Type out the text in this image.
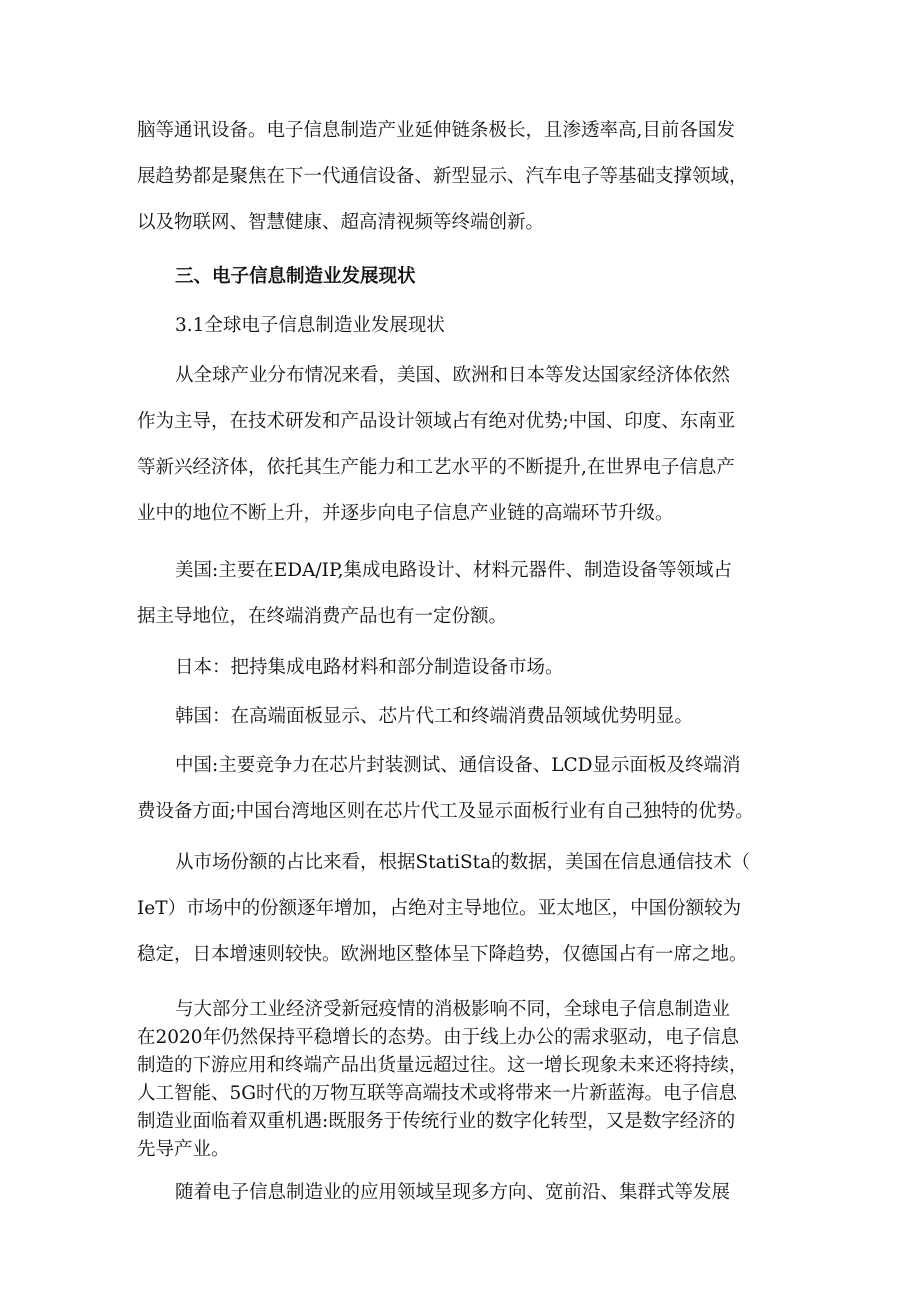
脑等通讯设备。电子信息制造产业延伸链条极长，且渗透率高,目前各国发
展趋势都是聚焦在下一代通信设备、新型显示、汽车电子等基础支撑领域，
以及物联网、智慧健康、超高清视频等终端创新。
三、电子信息制造业发展现状
3.1全球电子信息制造业发展现状
从全球产业分布情况来看，美国、欧洲和日本等发达国家经济体依然
作为主导，在技术研发和产品设计领域占有绝对优势;中国、印度、东南亚
等新兴经济体，依托其生产能力和工艺水平的不断提升,在世界电子信息产
业中的地位不断上升，并逐步向电子信息产业链的高端环节升级。
美国:主要在EDA/IP,集成电路设计、材料元器件、制造设备等领域占
据主导地位，在终端消费产品也有一定份额。
日本：把持集成电路材料和部分制造设备市场。
韩国：在高端面板显示、芯片代工和终端消费品领域优势明显。
中国:主要竞争力在芯片封装测试、通信设备、LCD显示面板及终端消
费设备方面;中国台湾地区则在芯片代工及显示面板行业有自己独特的优势。
从市场份额的占比来看，根据StatiSta的数据，美国在信息通信技术（
IeT）市场中的份额逐年增加，占绝对主导地位。亚太地区，中国份额较为
稳定，日本增速则较快。欧洲地区整体呈下降趋势，仅德国占有一席之地。
与大部分工业经济受新冠疫情的消极影响不同，全球电子信息制造业
在2020年仍然保持平稳增长的态势。由于线上办公的需求驱动，电子信息
制造的下游应用和终端产品出货量远超过往。这一增长现象未来还将持续，
人工智能、5G时代的万物互联等高端技术或将带来一片新蓝海。电子信息
制造业面临着双重机遇:既服务于传统行业的数字化转型，又是数字经济的
先导产业。
随着电子信息制造业的应用领域呈现多方向、宽前沿、集群式等发展
